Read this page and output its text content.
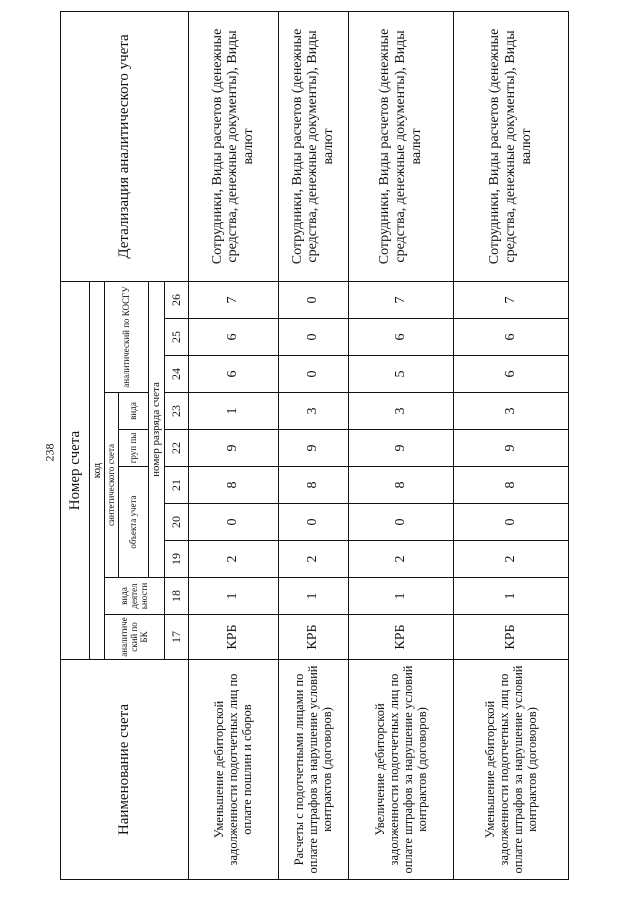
238
Наименование счета	Номер счета										Детализация аналитического учета
	код										
	аналитиче ский по БК	вида деятел ьности	синтетического счета					аналитический по КОСГУ			
			объекта учета			груп пы	вида				
			номер разряда счета								
	17	18	19	20	21	22	23	24	25	26	
Уменьшение дебиторской задолженности подотчетных лиц по оплате пошлин и сборов	КРБ	1	2	0	8	9	1	6	6	7	Сотрудники, Виды расчетов (денежные средства, денежные документы), Виды валют
Расчеты с подотчетными лицами по оплате штрафов за нарушение условий контрактов (договоров)	КРБ	1	2	0	8	9	3	0	0	0	Сотрудники, Виды расчетов (денежные средства, денежные документы), Виды валют
Увеличение дебиторской задолженности подотчетных лиц по оплате штрафов за нарушение условий контрактов (договоров)	КРБ	1	2	0	8	9	3	5	6	7	Сотрудники, Виды расчетов (денежные средства, денежные документы), Виды валют
Уменьшение дебиторской задолженности подотчетных лиц по оплате штрафов за нарушение условий контрактов (договоров)	КРБ	1	2	0	8	9	3	6	6	7	Сотрудники, Виды расчетов (денежные средства, денежные документы), Виды валют
